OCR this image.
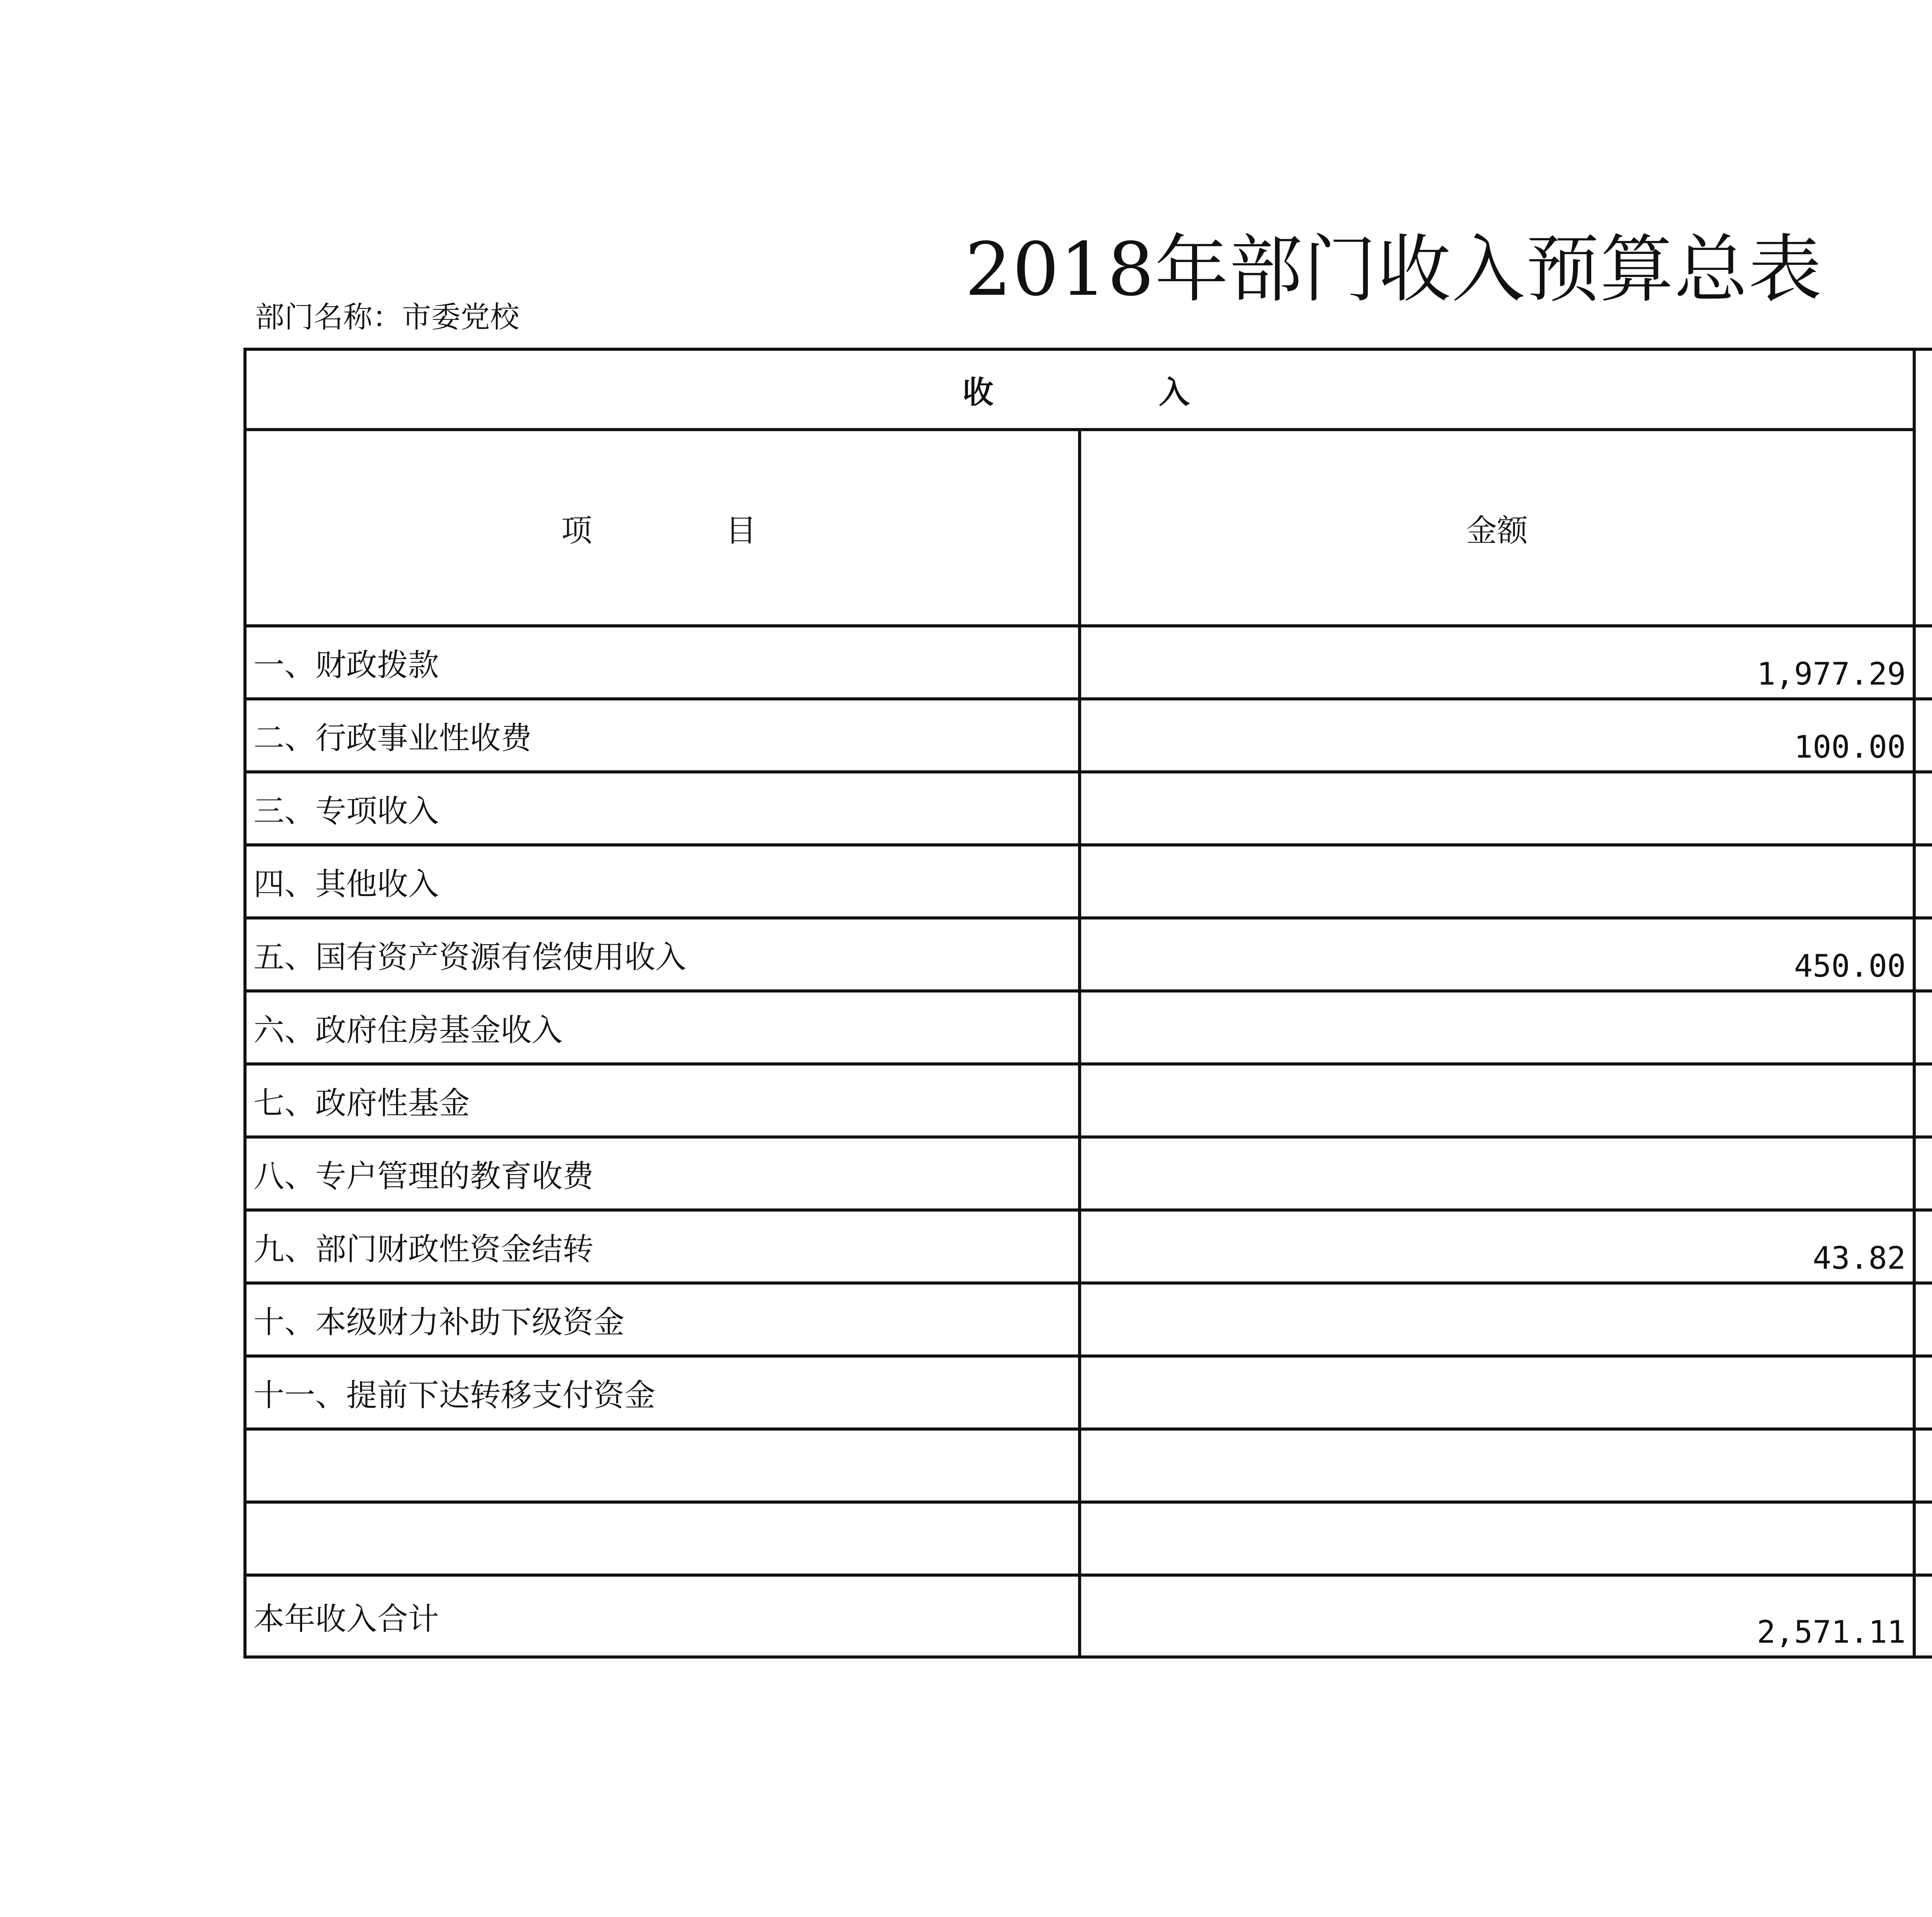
2018年部门收入预算总表
部门名称：市委党校
收 入	
项 目	金额	
一、财政拨款	1,977.29	
二、行政事业性收费	100.00	
三、专项收入		
四、其他收入		
五、国有资产资源有偿使用收入	450.00	
六、政府住房基金收入		
七、政府性基金		
八、专户管理的教育收费		
九、部门财政性资金结转	43.82	
十、本级财力补助下级资金		
十一、提前下达转移支付资金		

本年收入合计	2,571.11	
